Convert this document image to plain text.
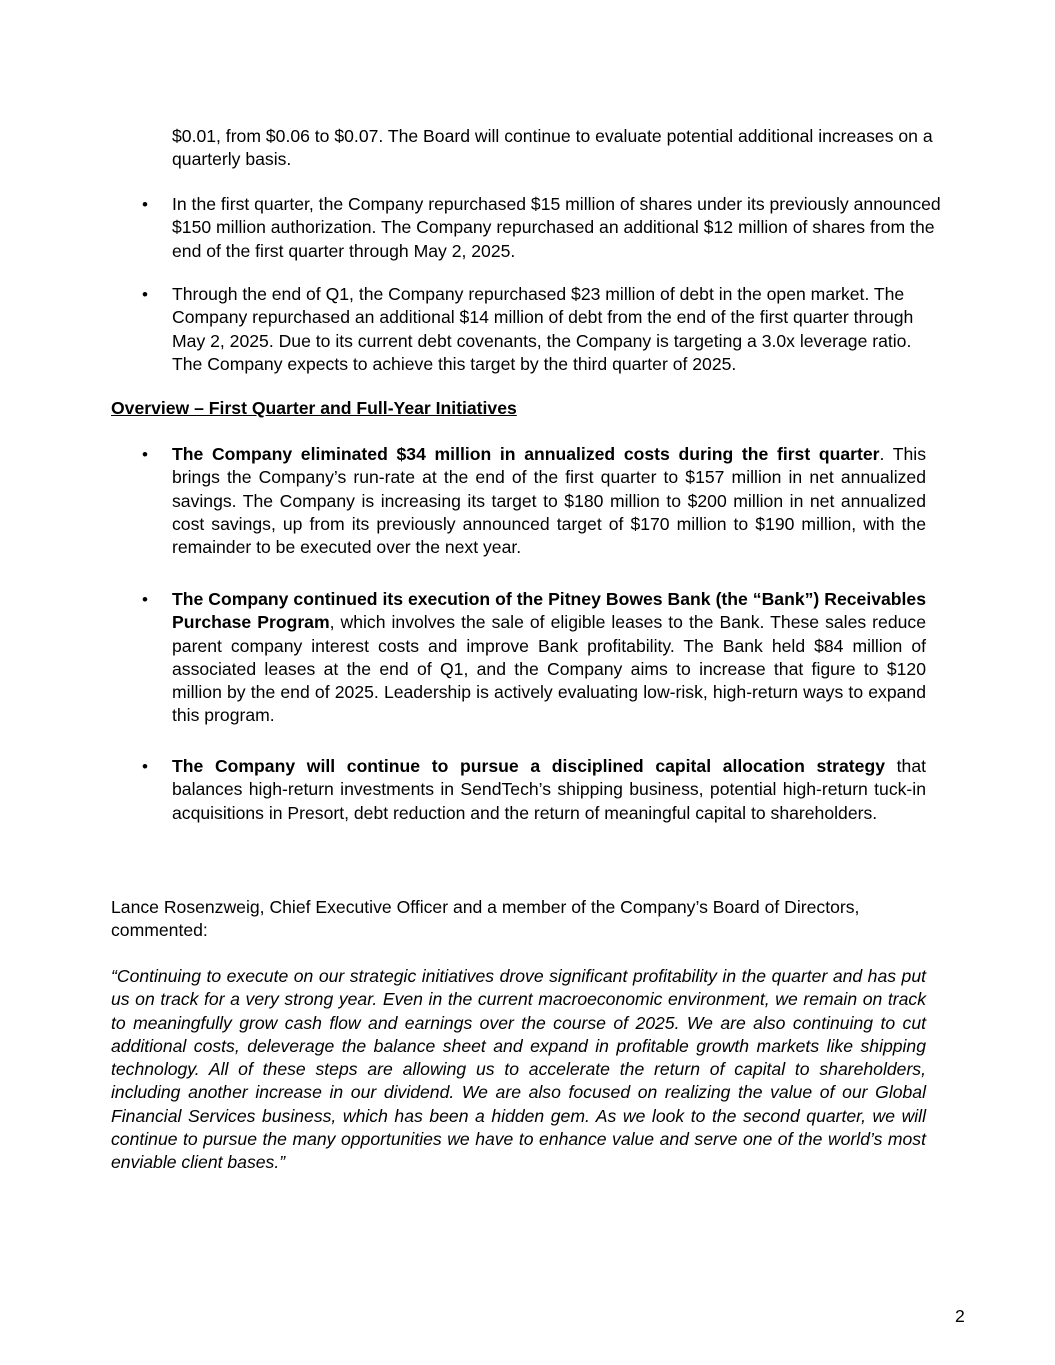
$0.01, from $0.06 to $0.07. The Board will continue to evaluate potential additional increases on a quarterly basis.

• In the first quarter, the Company repurchased $15 million of shares under its previously announced $150 million authorization. The Company repurchased an additional $12 million of shares from the end of the first quarter through May 2, 2025.

• Through the end of Q1, the Company repurchased $23 million of debt in the open market. The Company repurchased an additional $14 million of debt from the end of the first quarter through May 2, 2025. Due to its current debt covenants, the Company is targeting a 3.0x leverage ratio. The Company expects to achieve this target by the third quarter of 2025.

Overview – First Quarter and Full-Year Initiatives

• The Company eliminated $34 million in annualized costs during the first quarter. This brings the Company’s run-rate at the end of the first quarter to $157 million in net annualized savings. The Company is increasing its target to $180 million to $200 million in net annualized cost savings, up from its previously announced target of $170 million to $190 million, with the remainder to be executed over the next year.

• The Company continued its execution of the Pitney Bowes Bank (the “Bank”) Receivables Purchase Program, which involves the sale of eligible leases to the Bank. These sales reduce parent company interest costs and improve Bank profitability. The Bank held $84 million of associated leases at the end of Q1, and the Company aims to increase that figure to $120 million by the end of 2025. Leadership is actively evaluating low-risk, high-return ways to expand this program.

• The Company will continue to pursue a disciplined capital allocation strategy that balances high-return investments in SendTech’s shipping business, potential high-return tuck-in acquisitions in Presort, debt reduction and the return of meaningful capital to shareholders.

Lance Rosenzweig, Chief Executive Officer and a member of the Company’s Board of Directors, commented:

“Continuing to execute on our strategic initiatives drove significant profitability in the quarter and has put us on track for a very strong year. Even in the current macroeconomic environment, we remain on track to meaningfully grow cash flow and earnings over the course of 2025. We are also continuing to cut additional costs, deleverage the balance sheet and expand in profitable growth markets like shipping technology. All of these steps are allowing us to accelerate the return of capital to shareholders, including another increase in our dividend. We are also focused on realizing the value of our Global Financial Services business, which has been a hidden gem. As we look to the second quarter, we will continue to pursue the many opportunities we have to enhance value and serve one of the world’s most enviable client bases.”

2
